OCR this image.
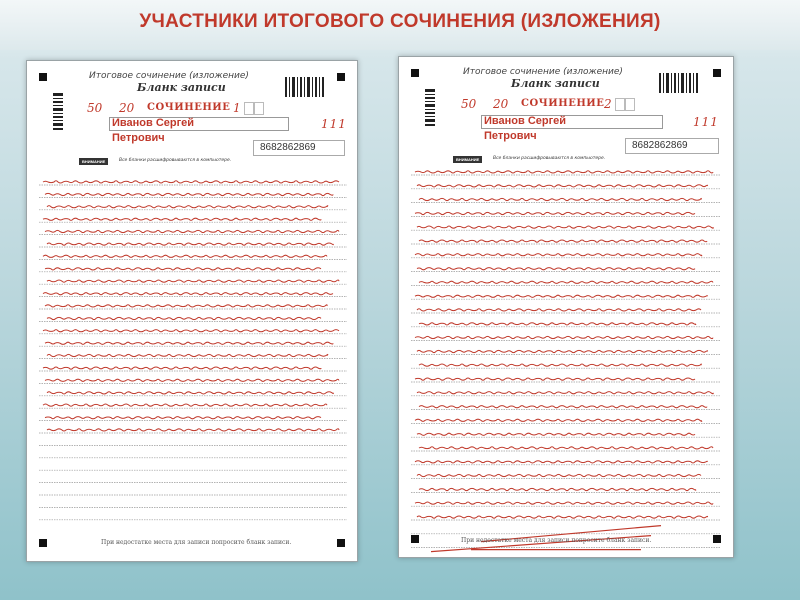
УЧАСТНИКИ ИТОГОВОГО СОЧИНЕНИЯ (ИЗЛОЖЕНИЯ)
Итоговое сочинение (изложение)
Бланк записи
50 20 СОЧИНЕНИЕ 1
Иванов Сергей
Петрович
111
8682862869
ВНИМАНИЕ	Все бланки расшифровываются в компьютере.
При недостатке места для записи попросите бланк записи.
Итоговое сочинение (изложение)
Бланк записи
50 20 СОЧИНЕНИЕ 2
Иванов Сергей
Петрович
111
8682862869
ВНИМАНИЕ	Все бланки расшифровываются в компьютере.
При недостатке места для записи попросите бланк записи.
